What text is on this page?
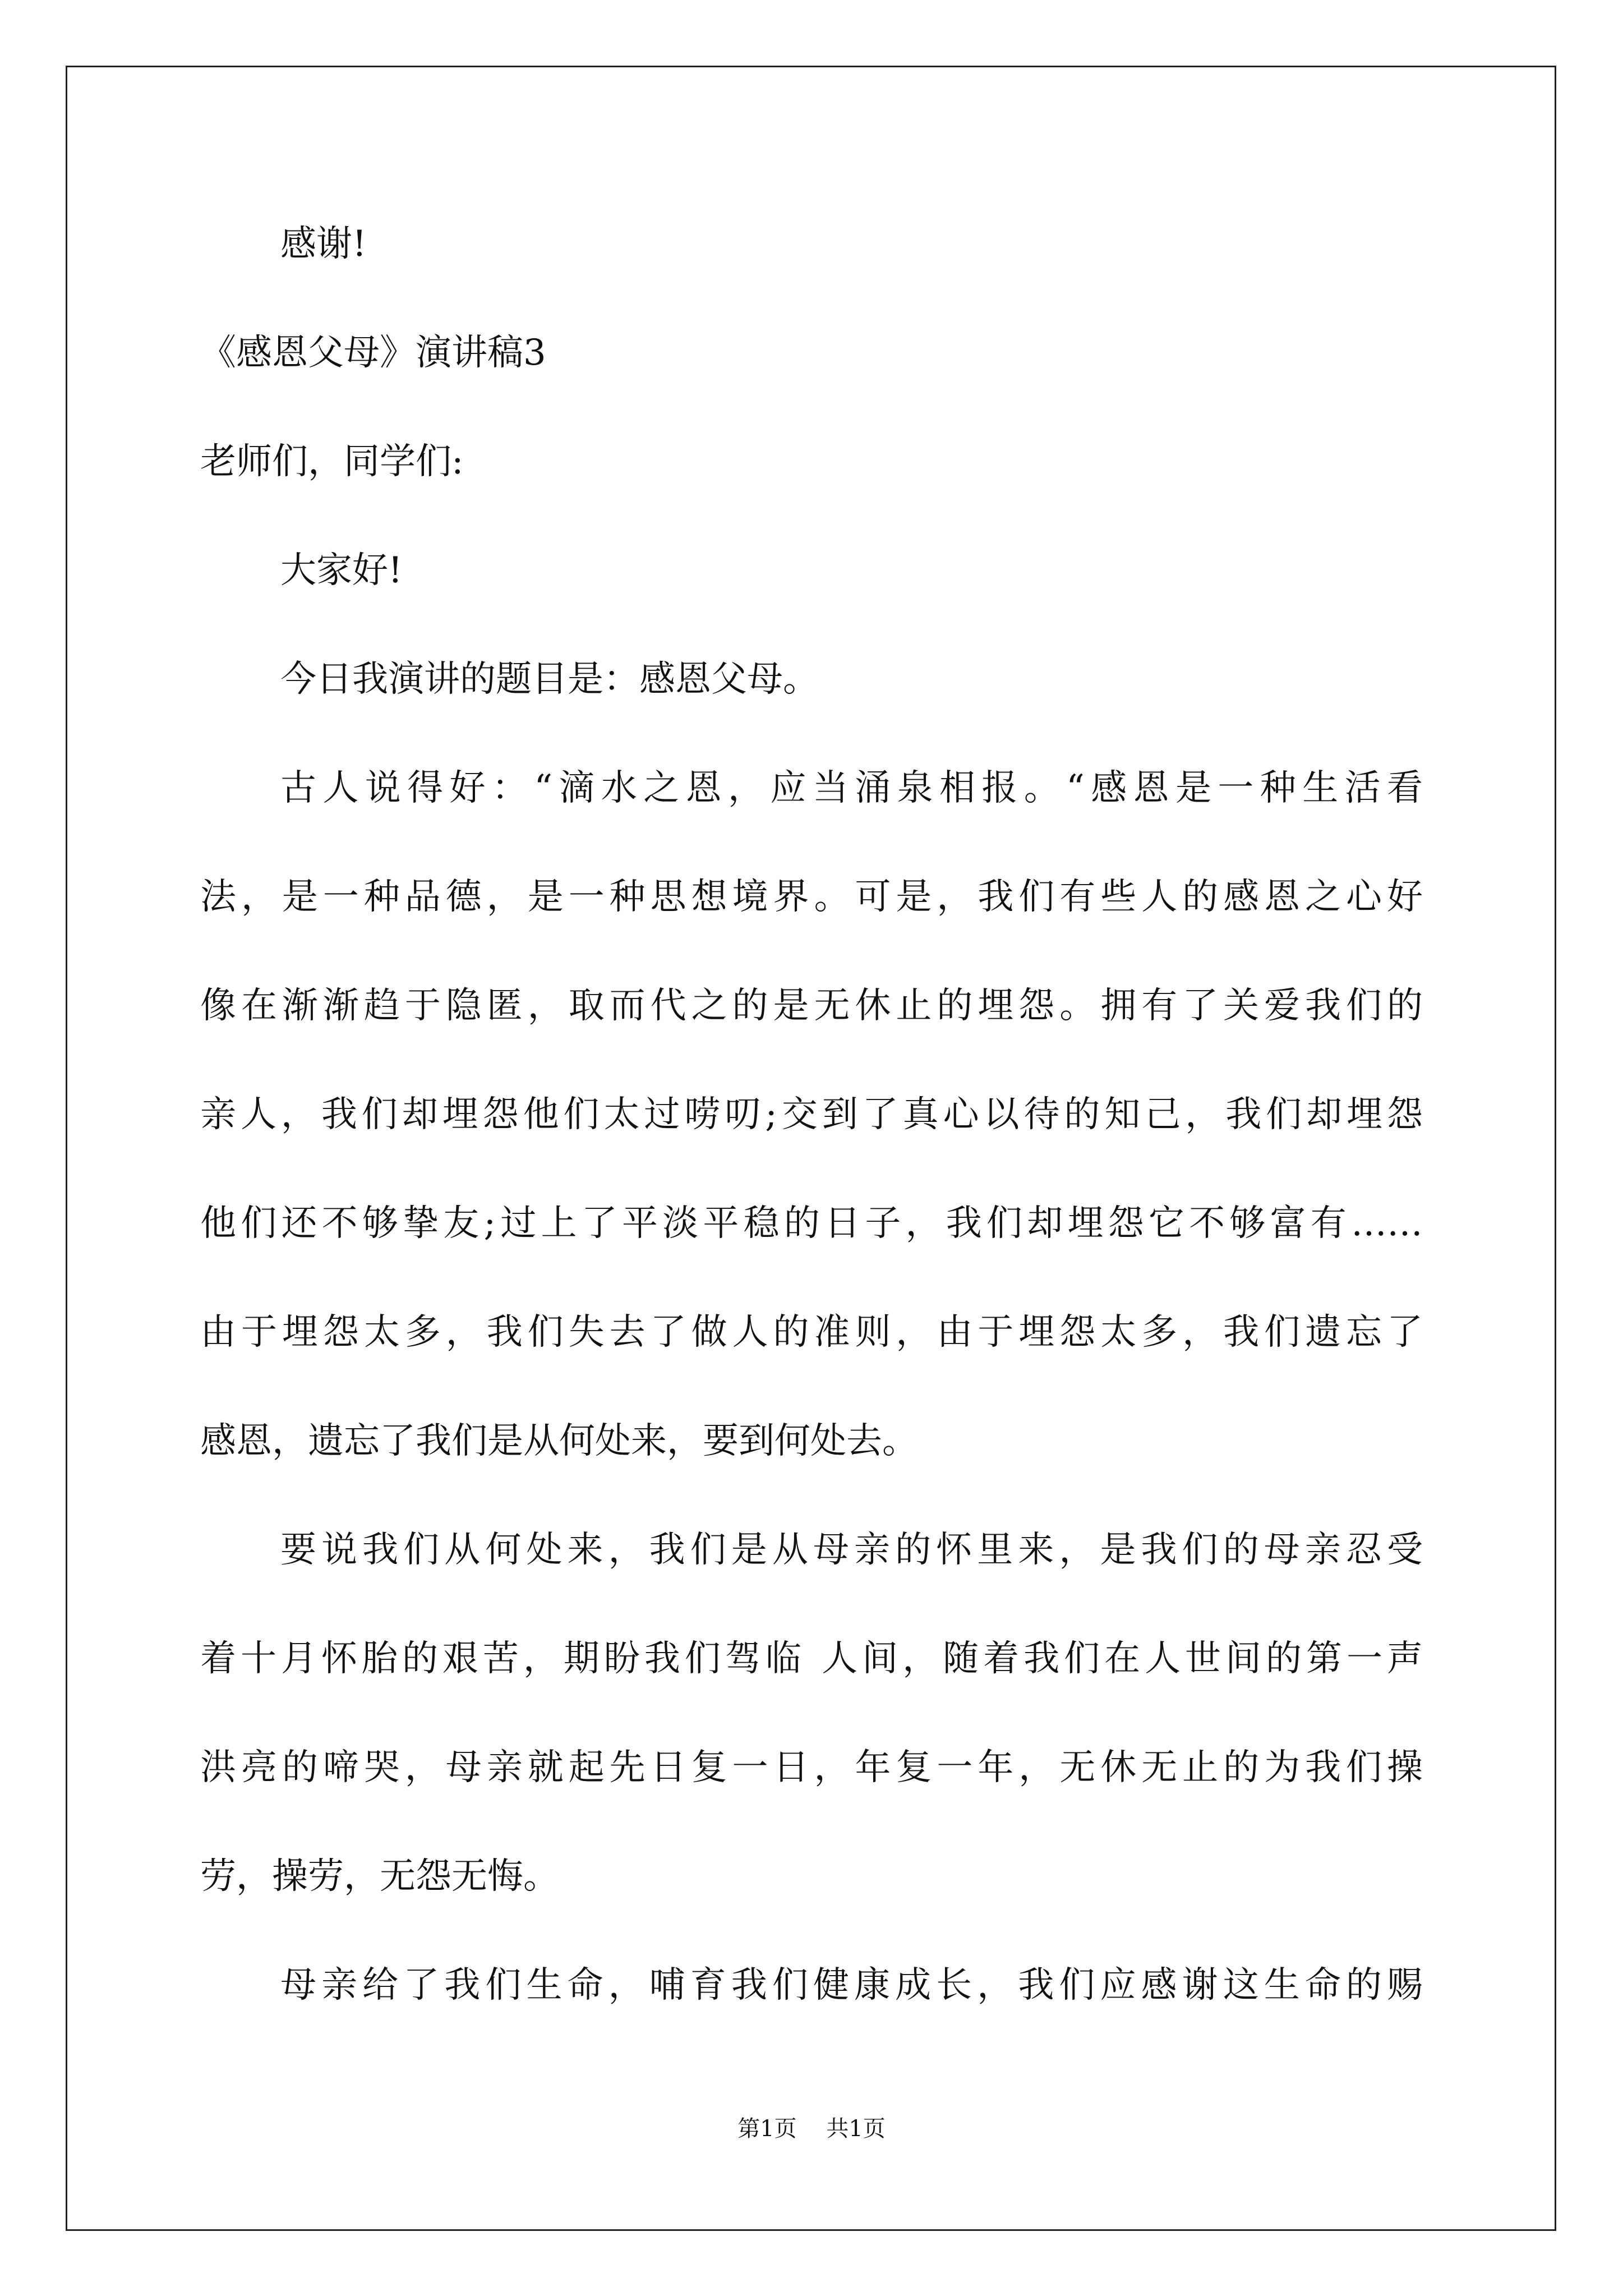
感谢!
《感恩父母》演讲稿3
老师们，同学们:
大家好!
今日我演讲的题目是：感恩父母。
古人说得好：“滴水之恩，应当涌泉相报。“感恩是一种生活看
法，是一种品德，是一种思想境界。可是，我们有些人的感恩之心好
像在渐渐趋于隐匿，取而代之的是无休止的埋怨。拥有了关爱我们的
亲人，我们却埋怨他们太过唠叨;交到了真心以待的知己，我们却埋怨
他们还不够挚友;过上了平淡平稳的日子，我们却埋怨它不够富有……
由于埋怨太多，我们失去了做人的准则，由于埋怨太多，我们遗忘了
感恩，遗忘了我们是从何处来，要到何处去。
要说我们从何处来，我们是从母亲的怀里来，是我们的母亲忍受
着十月怀胎的艰苦，期盼我们驾临 人间，随着我们在人世间的第一声
洪亮的啼哭，母亲就起先日复一日，年复一年，无休无止的为我们操
劳，操劳，无怨无悔。
母亲给了我们生命，哺育我们健康成长，我们应感谢这生命的赐
第1页 共1页
